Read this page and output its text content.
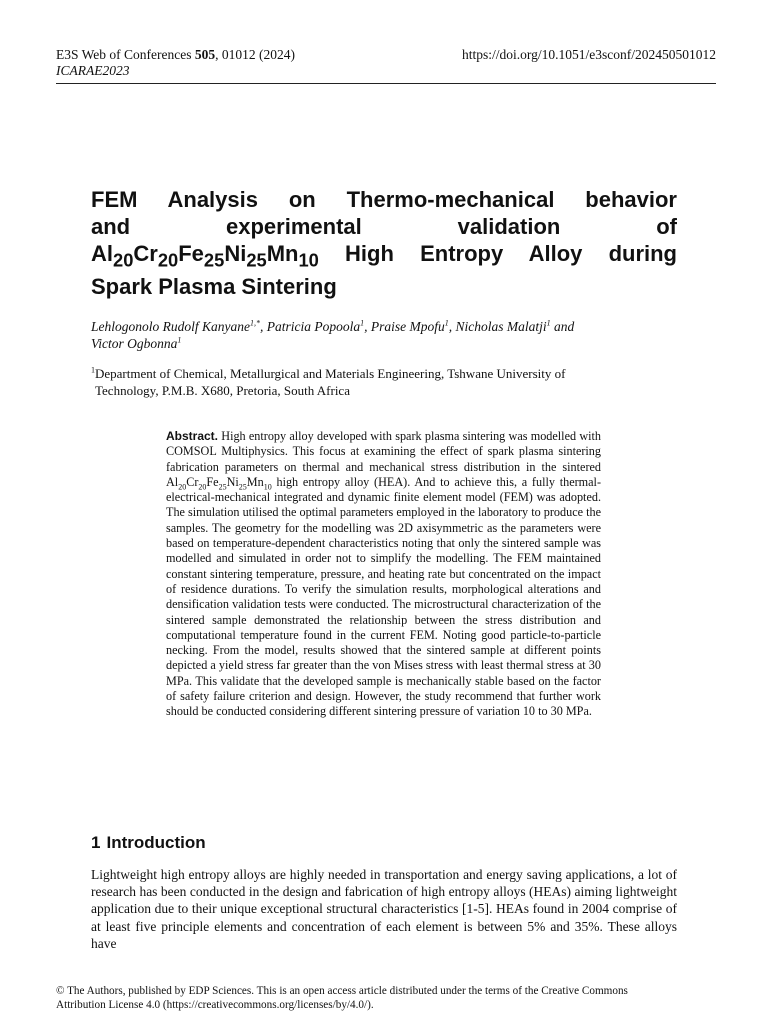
E3S Web of Conferences 505, 01012 (2024)
ICARAE2023
https://doi.org/10.1051/e3sconf/202450501012
FEM Analysis on Thermo-mechanical behavior
and experimental validation of
$Al_{20}Cr_{20}Fe_{25}Ni_{25}Mn_{10}$ High Entropy Alloy during
Spark Plasma Sintering
Lehlogonolo Rudolf Kanyane$^{1,*}$, Patricia Popoola$^1$, Praise Mpofu$^1$, Nicholas Malatji$^1$ and
Victor Ogbonna$^1$
$^1$Department of Chemical, Metallurgical and Materials Engineering, Tshwane University of
Technology, P.M.B. X680, Pretoria, South Africa
Abstract. High entropy alloy developed with spark plasma sintering was modelled with COMSOL Multiphysics. This focus at examining the effect of spark plasma sintering fabrication parameters on thermal and mechanical stress distribution in the sintered $Al_{20}Cr_{20}Fe_{25}Ni_{25}Mn_{10}$ high entropy alloy (HEA). And to achieve this, a fully thermal-electrical-mechanical integrated and dynamic finite element model (FEM) was adopted. The simulation utilised the optimal parameters employed in the laboratory to produce the samples. The geometry for the modelling was 2D axisymmetric as the parameters were based on temperature-dependent characteristics noting that only the sintered sample was modelled and simulated in order not to simplify the modelling. The FEM maintained constant sintering temperature, pressure, and heating rate but concentrated on the impact of residence durations. To verify the simulation results, morphological alterations and densification validation tests were conducted. The microstructural characterization of the sintered sample demonstrated the relationship between the stress distribution and computational temperature found in the current FEM. Noting good particle-to-particle necking. From the model, results showed that the sintered sample at different points depicted a yield stress far greater than the von Mises stress with least thermal stress at 30 MPa. This validate that the developed sample is mechanically stable based on the factor of safety failure criterion and design. However, the study recommend that further work should be conducted considering different sintering pressure of variation 10 to 30 MPa.
1 Introduction

Lightweight high entropy alloys are highly needed in transportation and energy saving applications, a lot of research has been conducted in the design and fabrication of high entropy alloys (HEAs) aiming lightweight application due to their unique exceptional structural characteristics [1-5]. HEAs found in 2004 comprise of at least five principle elements and concentration of each element is between 5% and 35%. These alloys have

© The Authors, published by EDP Sciences. This is an open access article distributed under the terms of the Creative Commons
Attribution License 4.0 (https://creativecommons.org/licenses/by/4.0/).
